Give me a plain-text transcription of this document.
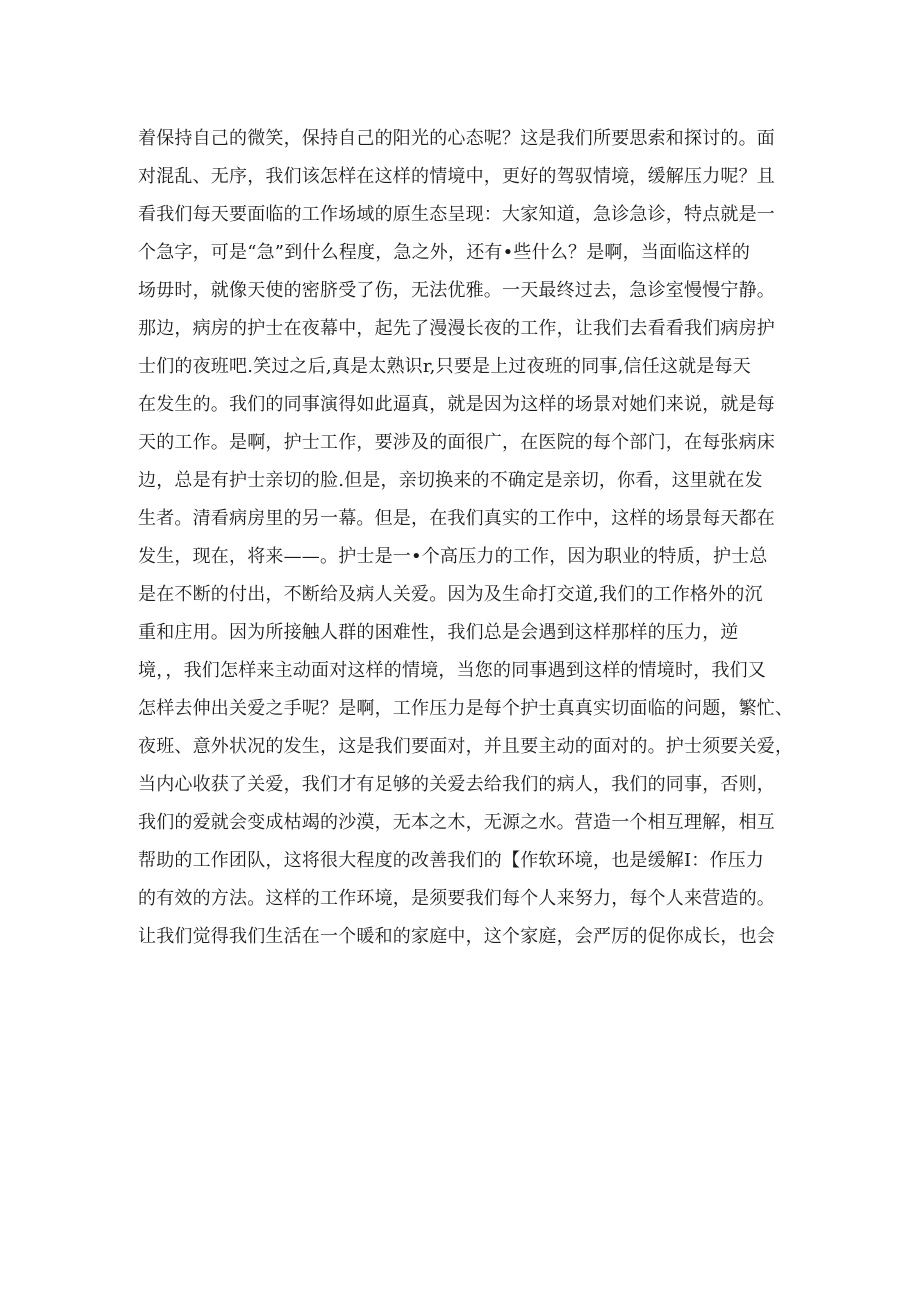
着保持自己的微笑，保持自己的阳光的心态呢？这是我们所要思索和探讨的。面
对混乱、无序，我们该怎样在这样的情境中，更好的驾驭情境，缓解压力呢？且
看我们每天要面临的工作场域的原生态呈现：大家知道，急诊急诊，特点就是一
个急字，可是“急”到什么程度，急之外，还有•些什么？是啊，当面临这样的
场毋时，就像天使的密脐受了伤，无法优雅。一天最终过去，急诊室慢慢宁静。
那边，病房的护士在夜幕中，起先了漫漫长夜的工作，让我们去看看我们病房护
士们的夜班吧.笑过之后,真是太熟识r,只要是上过夜班的同事,信任这就是每天
在发生的。我们的同事演得如此逼真，就是因为这样的场景对她们来说，就是每
天的工作。是啊，护士工作，要涉及的面很广，在医院的每个部门，在每张病床
边，总是有护士亲切的脸.但是，亲切换来的不确定是亲切，你看，这里就在发
生者。清看病房里的另一幕。但是，在我们真实的工作中，这样的场景每天都在
发生，现在，将来——。护士是一•个高压力的工作，因为职业的特质，护士总
是在不断的付出，不断给及病人关爱。因为及生命打交道,我们的工作格外的沉
重和庄用。因为所接触人群的困难性，我们总是会遇到这样那样的压力，逆
境，，我们怎样来主动面对这样的情境，当您的同事遇到这样的情境时，我们又
怎样去伸出关爱之手呢？是啊，工作压力是每个护士真真实切面临的问题，繁忙、
夜班、意外状况的发生，这是我们要面对，并且要主动的面对的。护士须要关爱，
当内心收获了关爱，我们才有足够的关爱去给我们的病人，我们的同事，否则，
我们的爱就会变成枯竭的沙漠，无本之木，无源之水。营造一个相互理解，相互
帮助的工作团队，这将很大程度的改善我们的【作软环境，也是缓解I：作压力
的有效的方法。这样的工作环境，是须要我们每个人来努力，每个人来营造的。
让我们觉得我们生活在一个暖和的家庭中，这个家庭，会严厉的促你成长，也会
